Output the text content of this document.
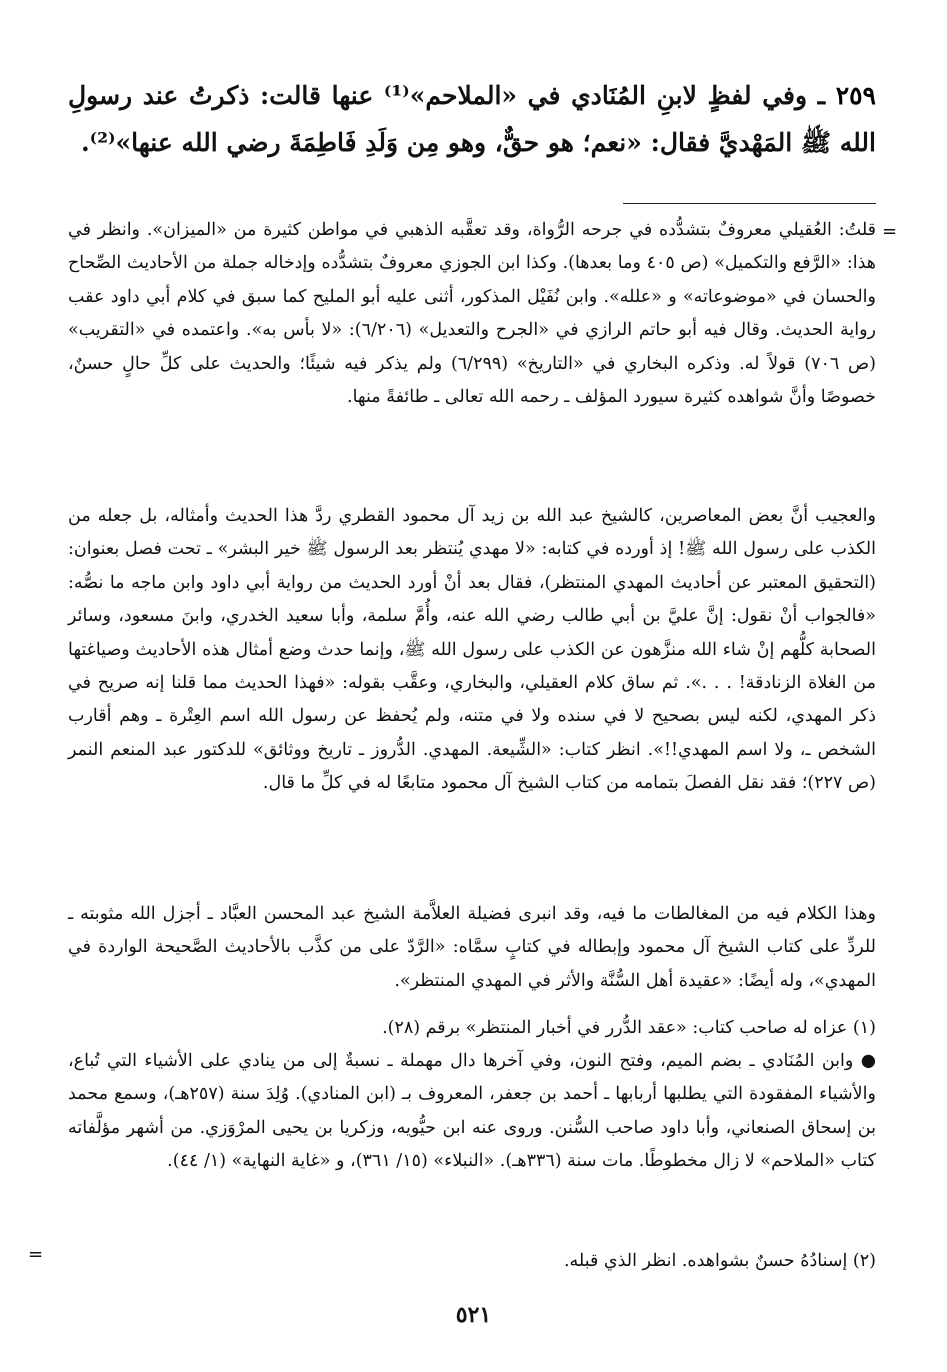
٢٥٩ ـ وفي لفظٍ لابنِ المُنَادي في «الملاحم»⁽¹⁾ عنها قالت: ذكرتُ عند رسولِ الله ﷺ المَهْديَّ فقال: «نعم؛ هو حقٌّ، وهو مِن وَلَدِ فَاطِمَةَ رضي الله عنها»⁽²⁾.
=

قلتُ: العُقيلي معروفٌ بتشدُّده في جرحه الرُّواة، وقد تعقَّبه الذهبي في مواطن كثيرة من «الميزان». وانظر في هذا: «الرَّفع والتكميل» (ص ٤٠٥ وما بعدها). وكذا ابن الجوزي معروفٌ بتشدُّده وإدخاله جملة من الأحاديث الصِّحاح والحسان في «موضوعاته» و «علله». وابن نُفَيْل المذكور، أثنى عليه أبو المليح كما سبق في كلام أبي داود عقب رواية الحديث. وقال فيه أبو حاتم الرازي في «الجرح والتعديل» (٦/٢٠٦): «لا بأس به». واعتمده في «التقريب» (ص ٧٠٦) قولاً له. وذكره البخاري في «التاريخ» (٦/٢٩٩) ولم يذكر فيه شيئًا؛ والحديث على كلِّ حالٍ حسنٌ، خصوصًا وأنَّ شواهده كثيرة سيورد المؤلف ـ رحمه الله تعالى ـ طائفةً منها.

والعجيب أنَّ بعض المعاصرين، كالشيخ عبد الله بن زيد آل محمود القطري ردَّ هذا الحديث وأمثاله، بل جعله من الكذب على رسول الله ﷺ! إذ أورده في كتابه: «لا مهدي يُنتظر بعد الرسول ﷺ خير البشر» ـ تحت فصل بعنوان: (التحقيق المعتبر عن أحاديث المهدي المنتظر)، فقال بعد أنْ أورد الحديث من رواية أبي داود وابن ماجه ما نصُّه: «فالجواب أنْ نقول: إنَّ عليَّ بن أبي طالب رضي الله عنه، وأُمَّ سلمة، وأبا سعيد الخدري، وابنَ مسعود، وسائر الصحابة كلُّهم إنْ شاء الله منزَّهون عن الكذب على رسول الله ﷺ، وإنما حدث وضع أمثال هذه الأحاديث وصياغتها من الغلاة الزنادقة! . . .». ثم ساق كلام العقيلي، والبخاري، وعقَّب بقوله: «فهذا الحديث مما قلنا إنه صريح في ذكر المهدي، لكنه ليس بصحيح لا في سنده ولا في متنه، ولم يُحفظ عن رسول الله اسم العِتْرة ـ وهم أقارب الشخص ـ، ولا اسم المهدي!!». انظر كتاب: «الشِّيعة. المهدي. الدُّروز ـ تاريخ ووثائق» للدكتور عبد المنعم النمر (ص ٢٢٧)؛ فقد نقل الفصلَ بتمامه من كتاب الشيخ آل محمود متابعًا له في كلِّ ما قال.

وهذا الكلام فيه من المغالطات ما فيه، وقد انبرى فضيلة العلاَّمة الشيخ عبد المحسن العبَّاد ـ أجزل الله مثوبته ـ للردِّ على كتاب الشيخ آل محمود وإبطاله في كتابٍ سمَّاه: «الرَّدّ على من كذَّب بالأحاديث الصَّحيحة الواردة في المهدي»، وله أيضًا: «عقيدة أهل السُّنَّة والأثر في المهدي المنتظر».

(١) عزاه له صاحب كتاب: «عقد الدُّرر في أخبار المنتظر» برقم (٢٨).

● وابن المُنَادي ـ بضم الميم، وفتح النون، وفي آخرها دال مهملة ـ نسبةٌ إلى من ينادي على الأشياء التي تُباع، والأشياء المفقودة التي يطلبها أربابها ـ أحمد بن جعفر، المعروف بـ (ابن المنادي). وُلِدَ سنة (٢٥٧هـ)، وسمع محمد بن إسحاق الصنعاني، وأبا داود صاحب السُّنن. وروى عنه ابن حيُّويه، وزكريا بن يحيى المرْوَزي. من أشهر مؤلَّفاته كتاب «الملاحم» لا زال مخطوطًا. مات سنة (٣٣٦هـ). «النبلاء» (١٥/ ٣٦١)، و «غاية النهاية» (١/ ٤٤).

(٢) إسنادُهُ حسنٌ بشواهده. انظر الذي قبله.

=
٥٢١
